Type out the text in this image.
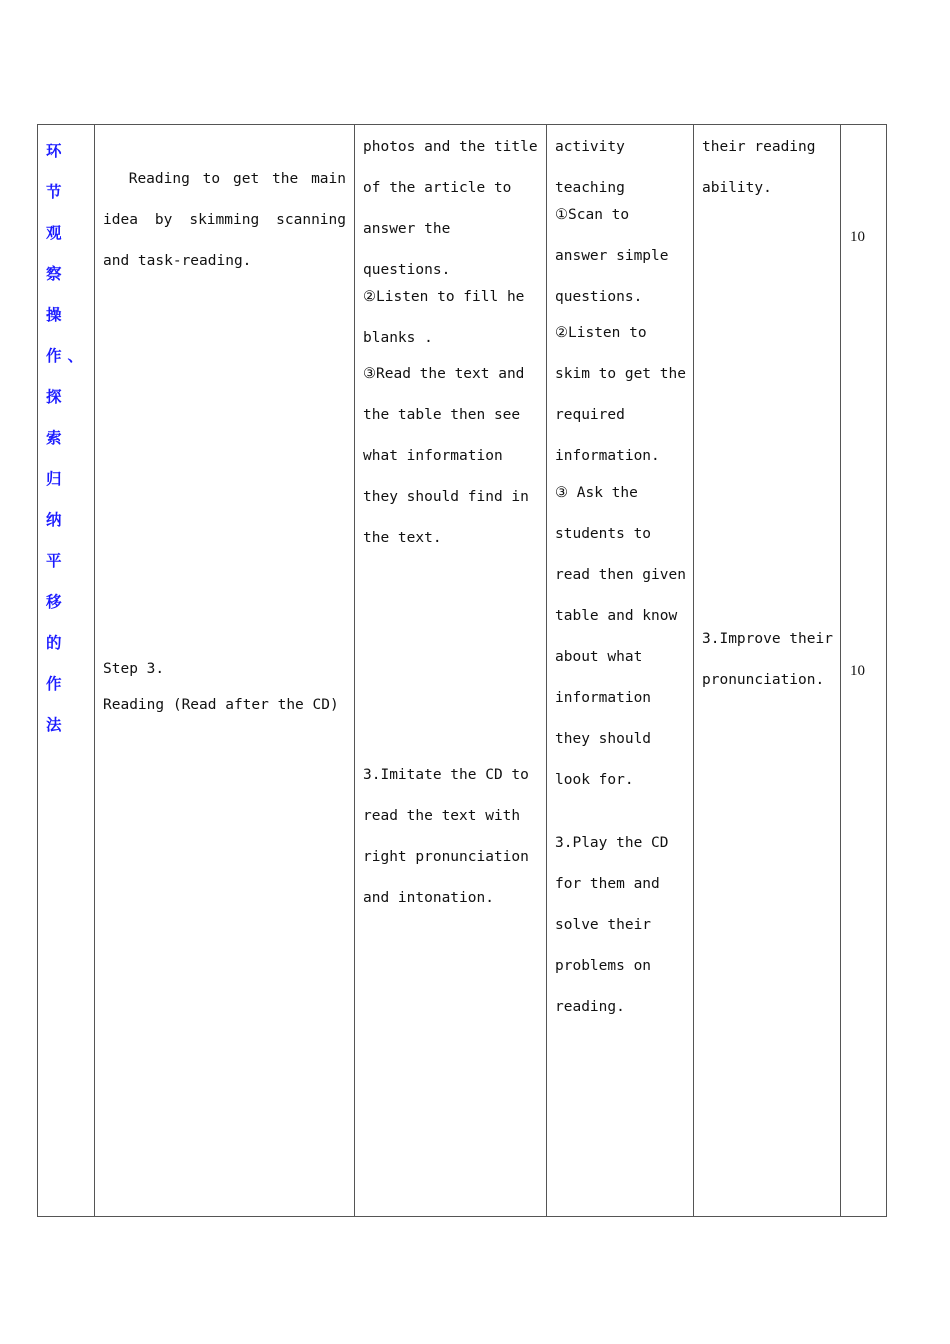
环节观察操作、探索归纳平移的作法
Reading to get the main idea by skimming scanning and task-reading.
Step 3.
Reading (Read after the CD)
photos and the title of the article to answer the questions.
②Listen to fill he blanks .
③Read the text and the table then see what information they should find in the text.
3.Imitate the CD to read the text with right pronunciation and intonation.
activity teaching
①Scan to answer simple questions.
②Listen to skim to get the required information.
③ Ask the students to read then given table and know about what information they should look for.
3.Play the CD for them and solve their problems on reading.
their reading ability.
3.Improve their pronunciation.
10
10
